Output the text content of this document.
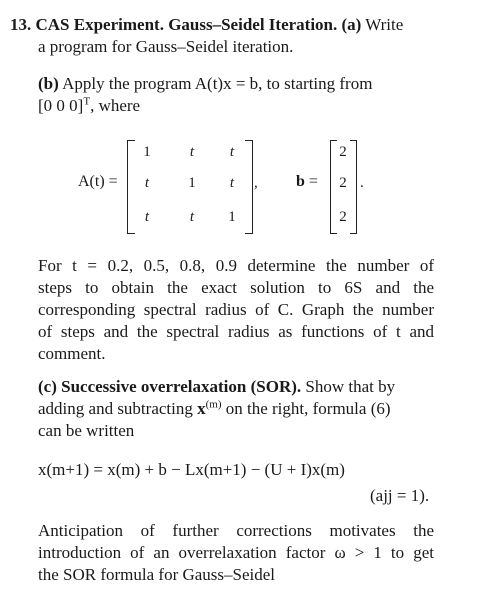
13. CAS Experiment. Gauss–Seidel Iteration. (a) Write
a program for Gauss–Seidel iteration.
(b) Apply the program A(t)x = b, to starting from
[0 0 0]$^T$, where
A(t) =
1	t	t
t	1	t
t	t	1
, b =
2
2
2
.
For t = 0.2, 0.5, 0.8, 0.9 determine the number of
steps to obtain the exact solution to 6S and the
corresponding spectral radius of C. Graph the number
of steps and the spectral radius as functions of t and
comment.
(c) Successive overrelaxation (SOR). Show that by
adding and subtracting $x^{(m)}$ on the right, formula (6)
can be written
x(m+1) = x(m) + b − Lx(m+1) − (U + I)x(m)
(ajj = 1).
Anticipation of further corrections motivates the
introduction of an overrelaxation factor ω > 1 to get
the SOR formula for Gauss–Seidel
